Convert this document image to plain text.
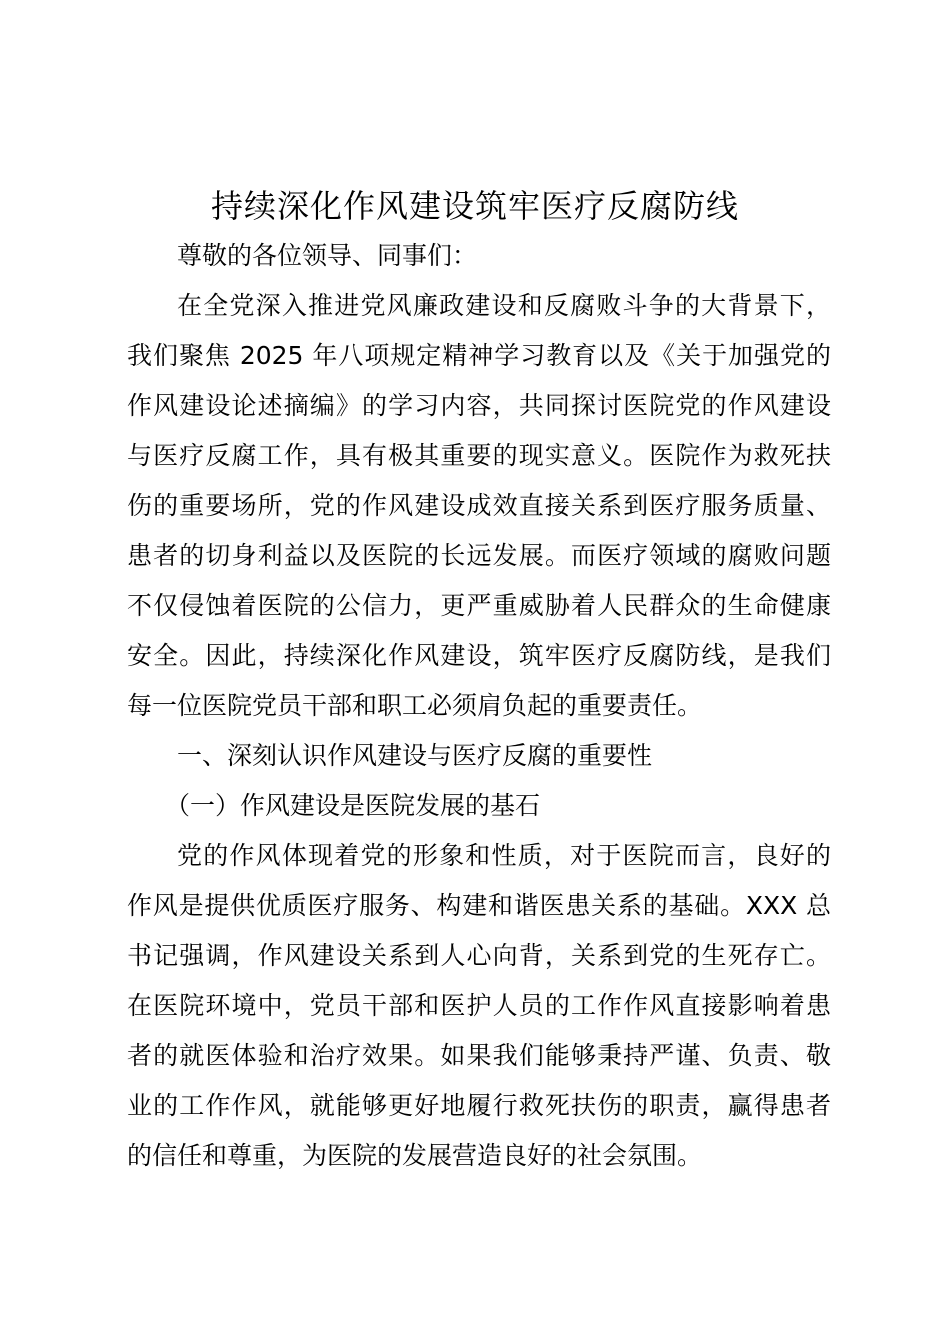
持续深化作风建设筑牢医疗反腐防线
尊敬的各位领导、同事们：
在全党深入推进党风廉政建设和反腐败斗争的大背景下，
我们聚焦 2025 年八项规定精神学习教育以及《关于加强党的
作风建设论述摘编》的学习内容，共同探讨医院党的作风建设
与医疗反腐工作，具有极其重要的现实意义。医院作为救死扶
伤的重要场所，党的作风建设成效直接关系到医疗服务质量、
患者的切身利益以及医院的长远发展。而医疗领域的腐败问题
不仅侵蚀着医院的公信力，更严重威胁着人民群众的生命健康
安全。因此，持续深化作风建设，筑牢医疗反腐防线，是我们
每一位医院党员干部和职工必须肩负起的重要责任。
一、深刻认识作风建设与医疗反腐的重要性
（一）作风建设是医院发展的基石
党的作风体现着党的形象和性质，对于医院而言，良好的
作风是提供优质医疗服务、构建和谐医患关系的基础。XXX 总
书记强调，作风建设关系到人心向背，关系到党的生死存亡。
在医院环境中，党员干部和医护人员的工作作风直接影响着患
者的就医体验和治疗效果。如果我们能够秉持严谨、负责、敬
业的工作作风，就能够更好地履行救死扶伤的职责，赢得患者
的信任和尊重，为医院的发展营造良好的社会氛围。
